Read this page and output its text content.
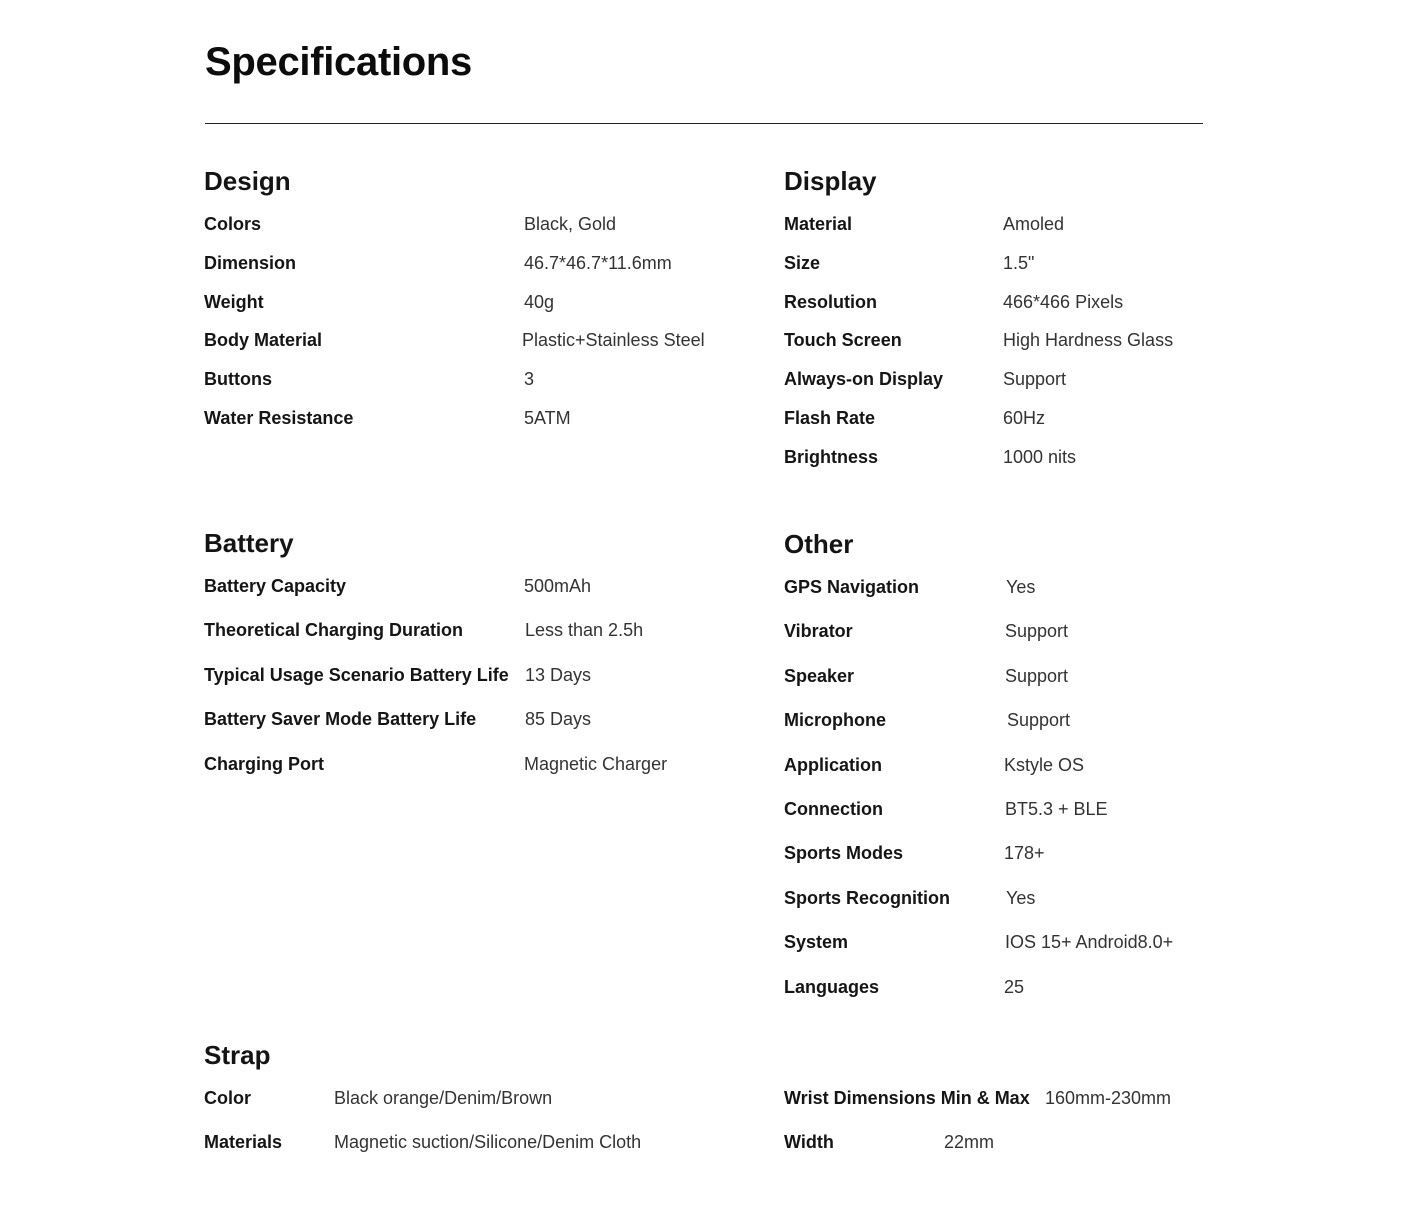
Specifications
Design
Colors	Black, Gold
Dimension	46.7*46.7*11.6mm
Weight	40g
Body Material	Plastic+Stainless Steel
Buttons	3
Water Resistance	5ATM
Display
Material	Amoled
Size	1.5"
Resolution	466*466 Pixels
Touch Screen	High Hardness Glass
Always-on Display	Support
Flash Rate	60Hz
Brightness	1000 nits
Battery
Battery Capacity	500mAh
Theoretical Charging Duration	Less than 2.5h
Typical Usage Scenario Battery Life 13 Days
Battery Saver Mode Battery Life	85 Days
Charging Port	Magnetic Charger
Other
GPS Navigation	Yes
Vibrator	Support
Speaker	Support
Microphone	Support
Application	Kstyle OS
Connection	BT5.3 + BLE
Sports Modes	178+
Sports Recognition	Yes
System	IOS 15+ Android8.0+
Languages	25
Strap
Color	Black orange/Denim/Brown
Materials	Magnetic suction/Silicone/Denim Cloth
Wrist Dimensions Min & Max 160mm-230mm
Width	22mm
